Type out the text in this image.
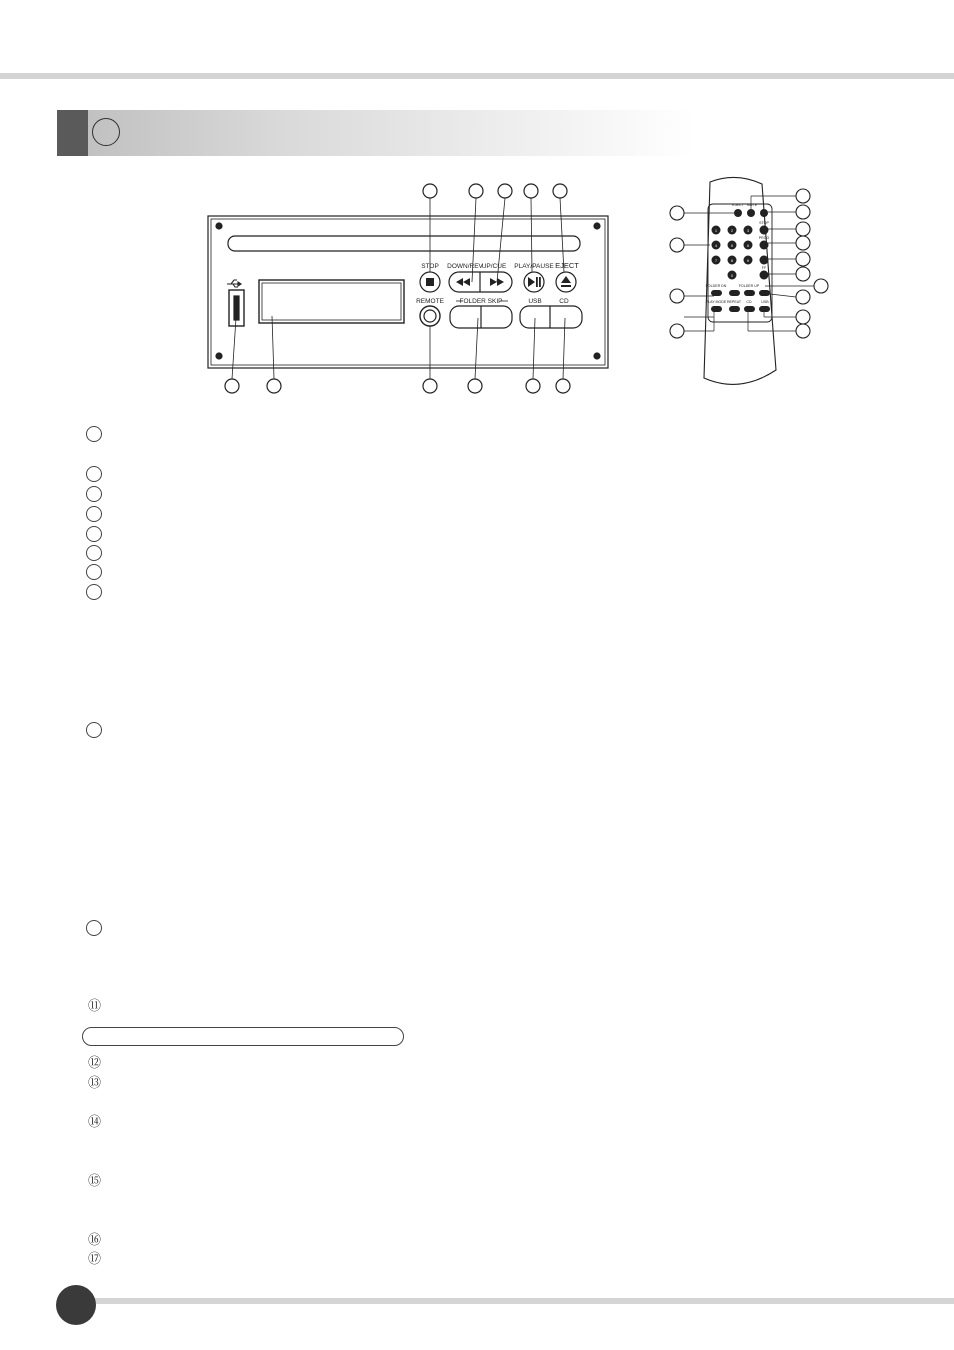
STOP DOWN/REV
UP/CUE PLAY/PAUSE EJECT
REMOTE FOLDER SKIP	USB	CD
EJECT MUTE
STOP
PROG
FF
FOLDER DN	FOLDER UP
PLAY MODE REPEAT CD	USB
1	2	3
4	5	6
7	8	9
0
⑪
⑫
⑬
⑭
⑮
⑯
⑰
